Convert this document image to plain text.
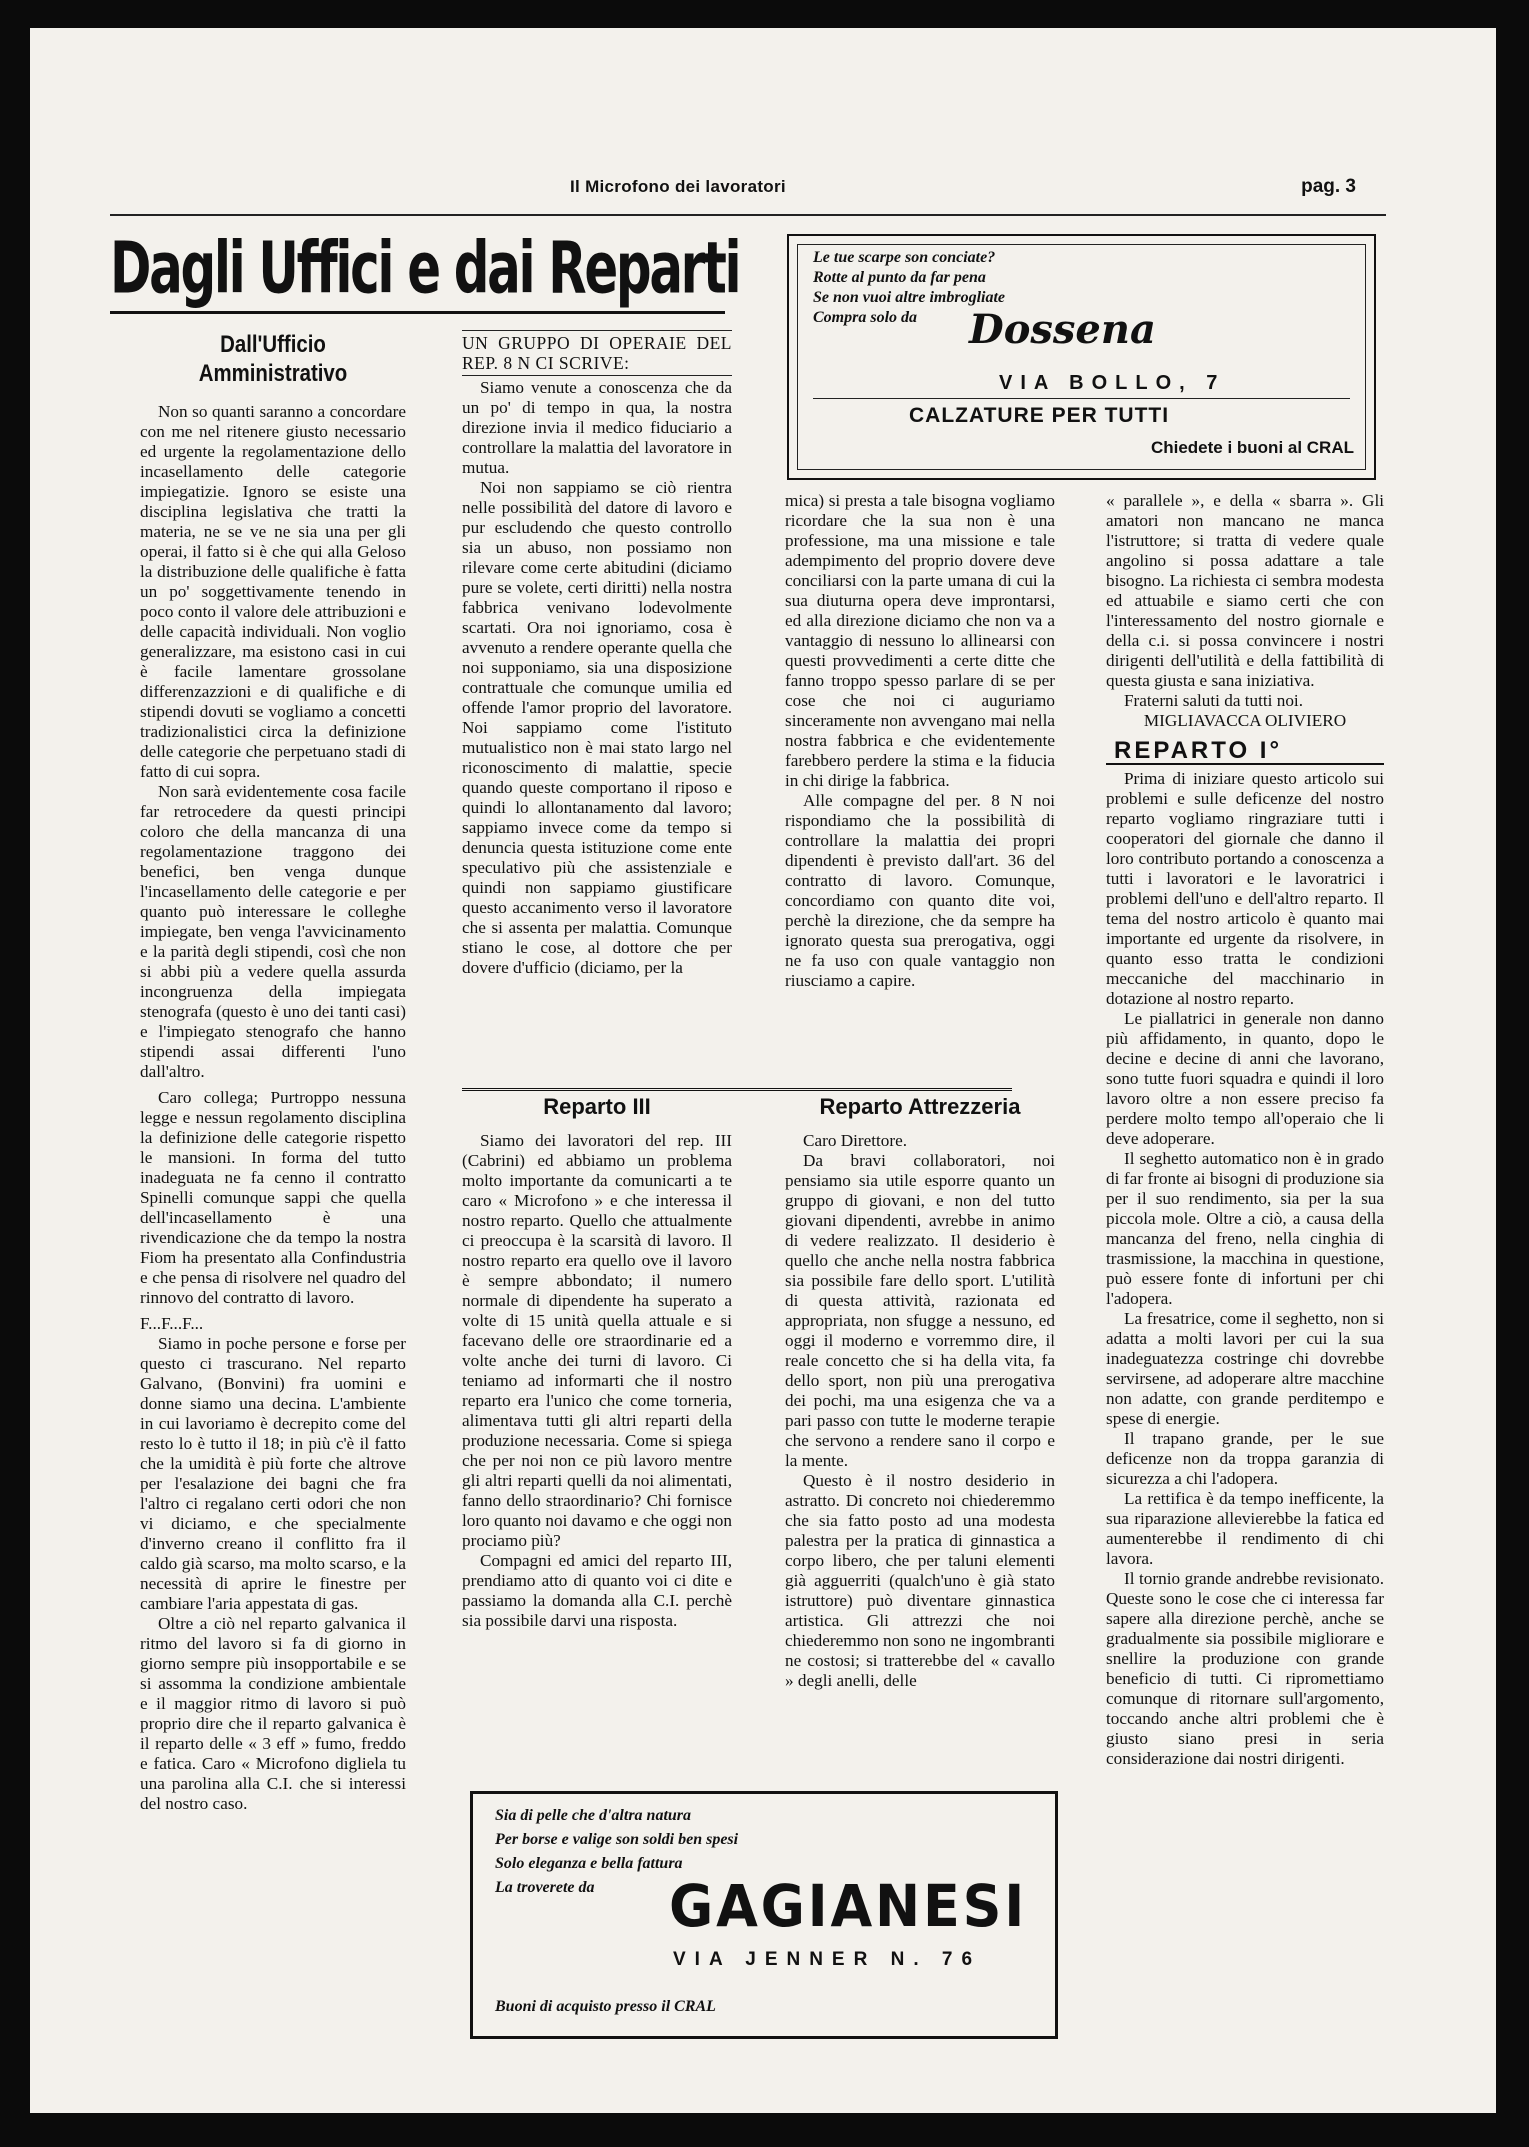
Il Microfono dei lavoratori	pag. 3
Dagli Uffici e dai Reparti
Dall'Ufficio
Amministrativo

Non so quanti saranno a concordare con me nel ritenere giusto necessario ed urgente la regolamentazione dello incasellamento delle categorie impiegatizie. Ignoro se esiste una disciplina legislativa che tratti la materia, ne se ve ne sia una per gli operai, il fatto si è che qui alla Geloso la distribuzione delle qualifiche è fatta un po' soggettivamente tenendo in poco conto il valore dele attribuzioni e delle capacità individuali. Non voglio generalizzare, ma esistono casi in cui è facile lamentare grossolane differenzazzioni e di qualifiche e di stipendi dovuti se vogliamo a concetti tradizionalistici circa la definizione delle categorie che perpetuano stadi di fatto di cui sopra.

Non sarà evidentemente cosa facile far retrocedere da questi principi coloro che della mancanza di una regolamentazione traggono dei benefici, ben venga dunque l'incasellamento delle categorie e per quanto può interessare le colleghe impiegate, ben venga l'avvicinamento e la parità degli stipendi, così che non si abbi più a vedere quella assurda incongruenza della impiegata stenografa (questo è uno dei tanti casi) e l'impiegato stenografo che hanno stipendi assai differenti l'uno dall'altro.

Caro collega; Purtroppo nessuna legge e nessun regolamento disciplina la definizione delle categorie rispetto le mansioni. In forma del tutto inadeguata ne fa cenno il contratto Spinelli comunque sappi che quella dell'incasellamento è una rivendicazione che da tempo la nostra Fiom ha presentato alla Confindustria e che pensa di risolvere nel quadro del rinnovo del contratto di lavoro.

F...F...F...

Siamo in poche persone e forse per questo ci trascurano. Nel reparto Galvano, (Bonvini) fra uomini e donne siamo una decina. L'ambiente in cui lavoriamo è decrepito come del resto lo è tutto il 18; in più c'è il fatto che la umidità è più forte che altrove per l'esalazione dei bagni che fra l'altro ci regalano certi odori che non vi diciamo, e che specialmente d'inverno creano il conflitto fra il caldo già scarso, ma molto scarso, e la necessità di aprire le finestre per cambiare l'aria appestata di gas.

Oltre a ciò nel reparto galvanica il ritmo del lavoro si fa di giorno in giorno sempre più insopportabile e se si assomma la condizione ambientale e il maggior ritmo di lavoro si può proprio dire che il reparto galvanica è il reparto delle « 3 eff » fumo, freddo e fatica. Caro « Microfono digliela tu una parolina alla C.I. che si interessi del nostro caso.

UN GRUPPO DI OPERAIE DEL REP. 8 N CI SCRIVE:

Siamo venute a conoscenza che da un po' di tempo in qua, la nostra direzione invia il medico fiduciario a controllare la malattia del lavoratore in mutua.

Noi non sappiamo se ciò rientra nelle possibilità del datore di lavoro e pur escludendo che questo controllo sia un abuso, non possiamo non rilevare come certe abitudini (diciamo pure se volete, certi diritti) nella nostra fabbrica venivano lodevolmente scartati. Ora noi ignoriamo, cosa è avvenuto a rendere operante quella che noi supponiamo, sia una disposizione contrattuale che comunque umilia ed offende l'amor proprio del lavoratore. Noi sappiamo come l'istituto mutualistico non è mai stato largo nel riconoscimento di malattie, specie quando queste comportano il riposo e quindi lo allontanamento dal lavoro; sappiamo invece come da tempo si denuncia questa istituzione come ente speculativo più che assistenziale e quindi non sappiamo giustificare questo accanimento verso il lavoratore che si assenta per malattia. Comunque stiano le cose, al dottore che per dovere d'ufficio (diciamo, per la

Le tue scarpe son conciate?
Rotte al punto da far pena
Se non vuoi altre imbrogliate
Compra solo da Dossena
VIA BOLLO, 7
CALZATURE PER TUTTI
Chiedete i buoni al CRAL

mica) si presta a tale bisogna vogliamo ricordare che la sua non è una professione, ma una missione e tale adempimento del proprio dovere deve conciliarsi con la parte umana di cui la sua diuturna opera deve improntarsi, ed alla direzione diciamo che non va a vantaggio di nessuno lo allinearsi con questi provvedimenti a certe ditte che fanno troppo spesso parlare di se per cose che noi ci auguriamo sinceramente non avvengano mai nella nostra fabbrica e che evidentemente farebbero perdere la stima e la fiducia in chi dirige la fabbrica.

Alle compagne del per. 8 N noi rispondiamo che la possibilità di controllare la malattia dei propri dipendenti è previsto dall'art. 36 del contratto di lavoro. Comunque, concordiamo con quanto dite voi, perchè la direzione, che da sempre ha ignorato questa sua prerogativa, oggi ne fa uso con quale vantaggio non riusciamo a capire.

« parallele », e della « sbarra ». Gli amatori non mancano ne manca l'istruttore; si tratta di vedere quale angolino si possa adattare a tale bisogno. La richiesta ci sembra modesta ed attuabile e siamo certi che con l'interessamento del nostro giornale e della c.i. si possa convincere i nostri dirigenti dell'utilità e della fattibilità di questa giusta e sana iniziativa.

Fraterni saluti da tutti noi.

MIGLIAVACCA OLIVIERO

REPARTO I°

Prima di iniziare questo articolo sui problemi e sulle deficenze del nostro reparto vogliamo ringraziare tutti i cooperatori del giornale che danno il loro contributo portando a conoscenza a tutti i lavoratori e le lavoratrici i problemi dell'uno e dell'altro reparto. Il tema del nostro articolo è quanto mai importante ed urgente da risolvere, in quanto esso tratta le condizioni meccaniche del macchinario in dotazione al nostro reparto.

Le piallatrici in generale non danno più affidamento, in quanto, dopo le decine e decine di anni che lavorano, sono tutte fuori squadra e quindi il loro lavoro oltre a non essere preciso fa perdere molto tempo all'operaio che li deve adoperare.

Il seghetto automatico non è in grado di far fronte ai bisogni di produzione sia per il suo rendimento, sia per la sua piccola mole. Oltre a ciò, a causa della mancanza del freno, nella cinghia di trasmissione, la macchina in questione, può essere fonte di infortuni per chi l'adopera.

La fresatrice, come il seghetto, non si adatta a molti lavori per cui la sua inadeguatezza costringe chi dovrebbe servirsene, ad adoperare altre macchine non adatte, con grande perditempo e spese di energie.

Il trapano grande, per le sue deficenze non da troppa garanzia di sicurezza a chi l'adopera.

La rettifica è da tempo inefficente, la sua riparazione allevierebbe la fatica ed aumenterebbe il rendimento di chi lavora.

Il tornio grande andrebbe revisionato. Queste sono le cose che ci interessa far sapere alla direzione perchè, anche se gradualmente sia possibile migliorare e snellire la produzione con grande beneficio di tutti. Ci ripromettiamo comunque di ritornare sull'argomento, toccando anche altri problemi che è giusto siano presi in seria considerazione dai nostri dirigenti.

Reparto III

Siamo dei lavoratori del rep. III (Cabrini) ed abbiamo un problema molto importante da comunicarti a te caro « Microfono » e che interessa il nostro reparto. Quello che attualmente ci preoccupa è la scarsità di lavoro. Il nostro reparto era quello ove il lavoro è sempre abbondato; il numero normale di dipendente ha superato a volte di 15 unità quella attuale e si facevano delle ore straordinarie ed a volte anche dei turni di lavoro. Ci teniamo ad informarti che il nostro reparto era l'unico che come torneria, alimentava tutti gli altri reparti della produzione necessaria. Come si spiega che per noi non ce più lavoro mentre gli altri reparti quelli da noi alimentati, fanno dello straordinario? Chi fornisce loro quanto noi davamo e che oggi non prociamo più?

Compagni ed amici del reparto III, prendiamo atto di quanto voi ci dite e passiamo la domanda alla C.I. perchè sia possibile darvi una risposta.

Reparto Attrezzeria

Caro Direttore.

Da bravi collaboratori, noi pensiamo sia utile esporre quanto un gruppo di giovani, e non del tutto giovani dipendenti, avrebbe in animo di vedere realizzato. Il desiderio è quello che anche nella nostra fabbrica sia possibile fare dello sport. L'utilità di questa attività, razionata ed appropriata, non sfugge a nessuno, ed oggi il moderno e vorremmo dire, il reale concetto che si ha della vita, fa dello sport, non più una prerogativa dei pochi, ma una esigenza che va a pari passo con tutte le moderne terapie che servono a rendere sano il corpo e la mente.

Questo è il nostro desiderio in astratto. Di concreto noi chiederemmo che sia fatto posto ad una modesta palestra per la pratica di ginnastica a corpo libero, che per taluni elementi già agguerriti (qualch'uno è già stato istruttore) può diventare ginnastica artistica. Gli attrezzi che noi chiederemmo non sono ne ingombranti ne costosi; si tratterebbe del « cavallo » degli anelli, delle

Sia di pelle che d'altra natura
Per borse e valige son soldi ben spesi
Solo eleganza e bella fattura
La troverete da GAGIANESI
VIA JENNER N. 76
Buoni di acquisto presso il CRAL
